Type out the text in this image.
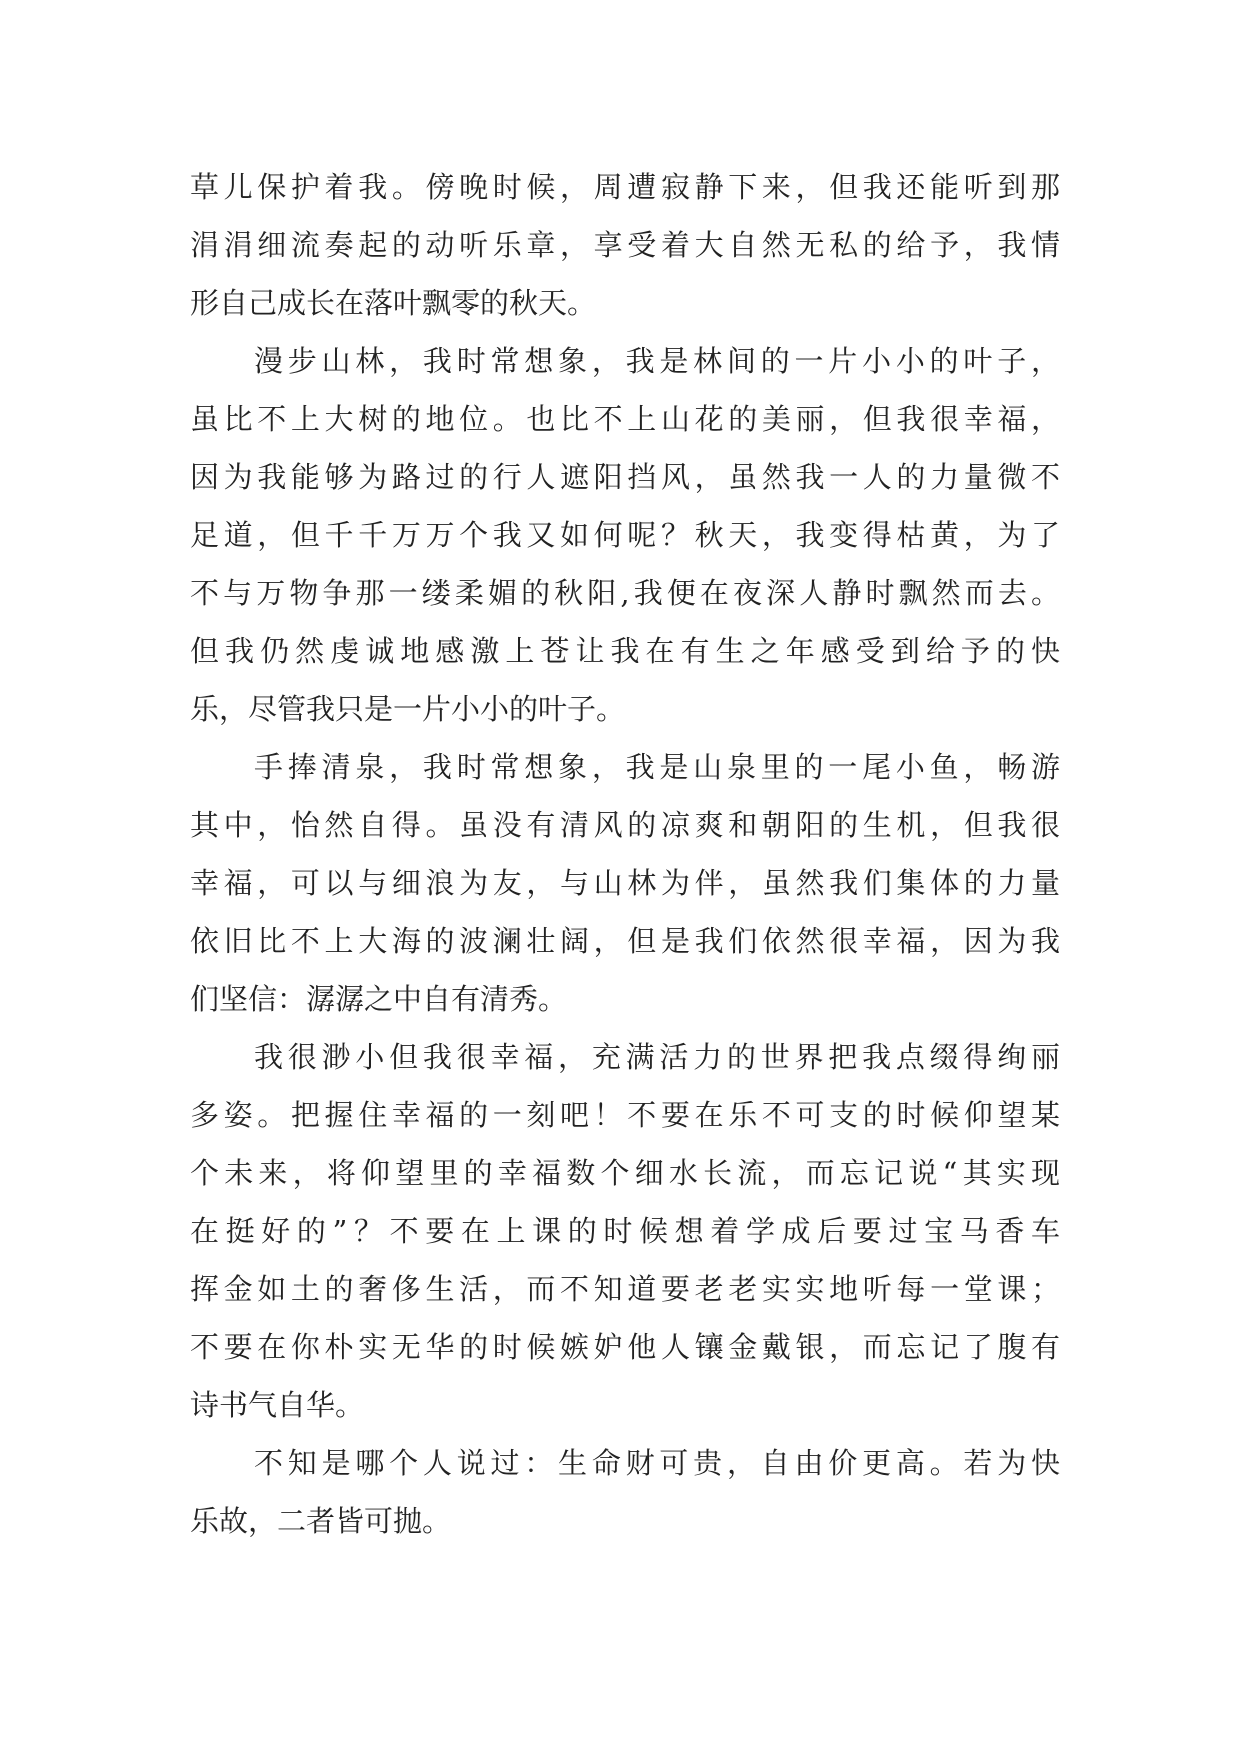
草儿保护着我。傍晚时候，周遭寂静下来，但我还能听到那
涓涓细流奏起的动听乐章，享受着大自然无私的给予，我情
形自己成长在落叶飘零的秋天。
漫步山林，我时常想象，我是林间的一片小小的叶子，
虽比不上大树的地位。也比不上山花的美丽，但我很幸福，
因为我能够为路过的行人遮阳挡风，虽然我一人的力量微不
足道，但千千万万个我又如何呢？秋天，我变得枯黄，为了
不与万物争那一缕柔媚的秋阳,我便在夜深人静时飘然而去。
但我仍然虔诚地感激上苍让我在有生之年感受到给予的快
乐，尽管我只是一片小小的叶子。
手捧清泉，我时常想象，我是山泉里的一尾小鱼，畅游
其中，怡然自得。虽没有清风的凉爽和朝阳的生机，但我很
幸福，可以与细浪为友，与山林为伴，虽然我们集体的力量
依旧比不上大海的波澜壮阔，但是我们依然很幸福，因为我
们坚信：潺潺之中自有清秀。
我很渺小但我很幸福，充满活力的世界把我点缀得绚丽
多姿。把握住幸福的一刻吧！不要在乐不可支的时候仰望某
个未来，将仰望里的幸福数个细水长流，而忘记说“其实现
在挺好的”？不要在上课的时候想着学成后要过宝马香车
挥金如土的奢侈生活，而不知道要老老实实地听每一堂课；
不要在你朴实无华的时候嫉妒他人镶金戴银，而忘记了腹有
诗书气自华。
不知是哪个人说过：生命财可贵，自由价更高。若为快
乐故，二者皆可抛。
